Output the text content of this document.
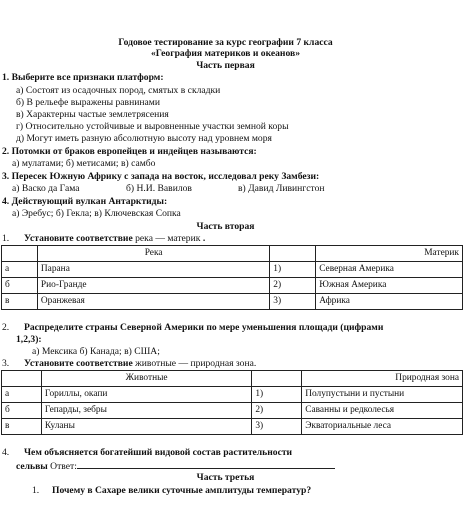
Годовое тестирование за курс географии 7 класса
«География материков и океанов»
Часть первая
1. Выберите все признаки платформ:
а) Состоят из осадочных пород, смятых в складки
б) В рельефе выражены равнинами
в) Характерны частые землетрясения
г) Относительно устойчивые и выровненные участки земной коры
д) Могут иметь разную абсолютную высоту над уровнем моря
2. Потомки от браков европейцев и индейцев называются:
а) мулатами; б) метисами; в) самбо
3. Пересек Южную Африку с запада на восток, исследовал реку Замбези:
а) Васко да Гама	б) Н.И. Вавилов	в) Давид Ливингстон
4. Действующий вулкан Антарктиды:
а) Эребус; б) Гекла; в) Ключевская Сопка
Часть вторая
1. Установите соответствие река — материк .
	Река		Материк
а	Парана	1)	Северная Америка
б	Рио-Гранде	2)	Южная Америка
в	Оранжевая	3)	Африка
2. Распределите страны Северной Америки по мере уменьшения площади (цифрами
1,2,3):
а) Мексика б) Канада; в) США;
3. Установите соответствие животные — природная зона.
	Животные		Природная зона
а	Гориллы, окапи	1)	Полупустыни и пустыни
б	Гепарды, зебры	2)	Саванны и редколесья
в	Куланы	3)	Экваториальные леса
4. Чем объясняется богатейший видовой состав растительности
сельвы Ответ:
Часть третья
1. Почему в Сахаре велики суточные амплитуды температур?
